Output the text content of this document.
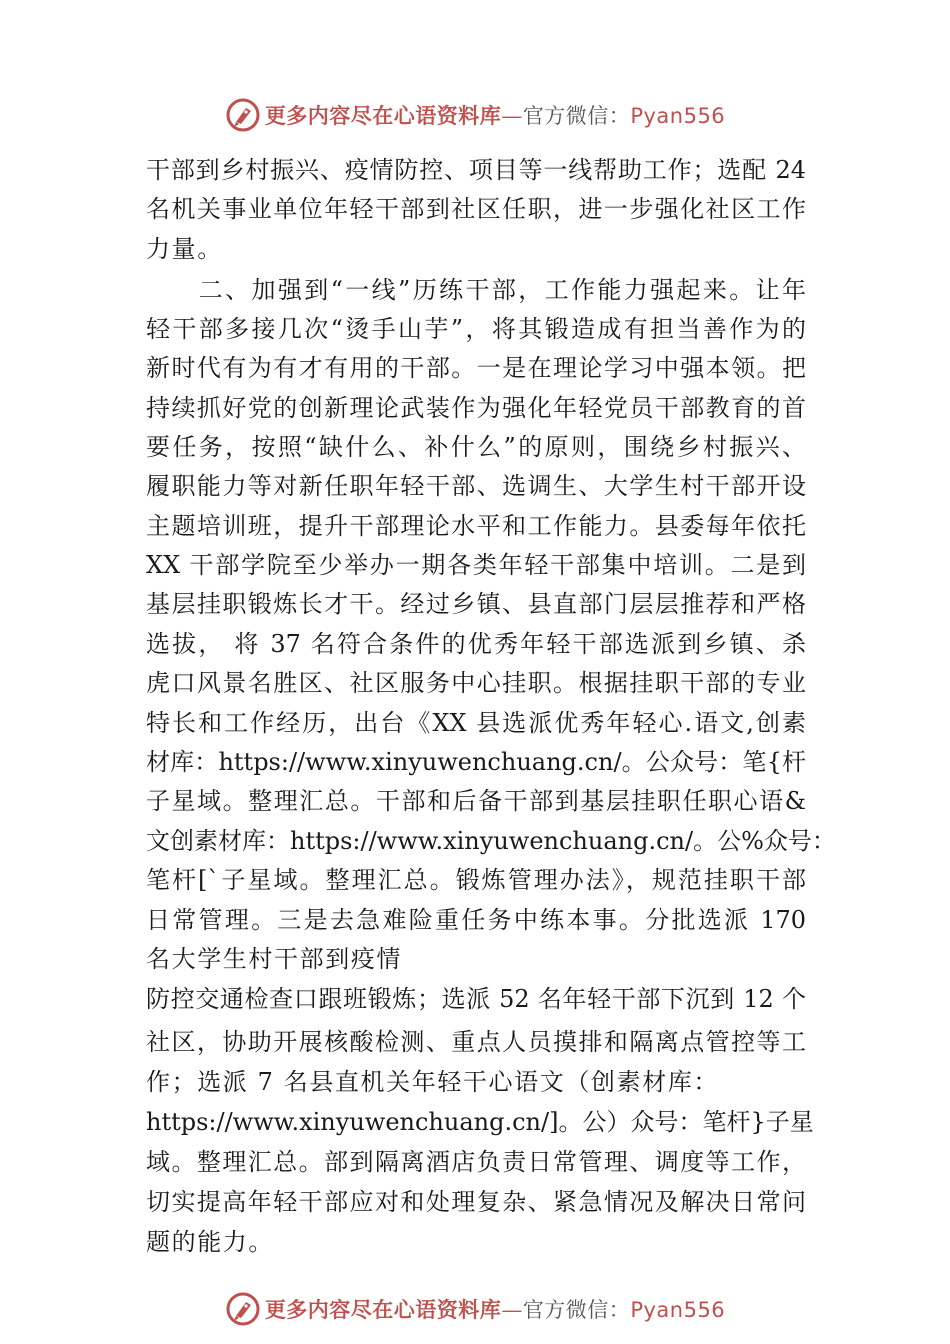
更多内容尽在心语资料库—官方微信：Pyan556
干部到乡村振兴、疫情防控、项目等一线帮助工作；选配 24
名机关事业单位年轻干部到社区任职，进一步强化社区工作
力量。
　　二、加强到“一线”历练干部，工作能力强起来。让年
轻干部多接几次“烫手山芋”，将其锻造成有担当善作为的
新时代有为有才有用的干部。一是在理论学习中强本领。把
持续抓好党的创新理论武装作为强化年轻党员干部教育的首
要任务，按照“缺什么、补什么”的原则，围绕乡村振兴、
履职能力等对新任职年轻干部、选调生、大学生村干部开设
主题培训班，提升干部理论水平和工作能力。县委每年依托
XX 干部学院至少举办一期各类年轻干部集中培训。二是到
基层挂职锻炼长才干。经过乡镇、县直部门层层推荐和严格
选拔， 将 37 名符合条件的优秀年轻干部选派到乡镇、杀
虎口风景名胜区、社区服务中心挂职。根据挂职干部的专业
特长和工作经历，出台《XX 县选派优秀年轻心.语文,创素
材库：https://www.xinyuwenchuang.cn/。公众号：笔{杆
子星域。整理汇总。干部和后备干部到基层挂职任职心语&
文创素材库：https://www.xinyuwenchuang.cn/。公%众号：
笔杆[`子星域。整理汇总。锻炼管理办法》，规范挂职干部
日常管理。三是去急难险重任务中练本事。分批选派 170
名大学生村干部到疫情
防控交通检查口跟班锻炼；选派 52 名年轻干部下沉到 12 个
社区，协助开展核酸检测、重点人员摸排和隔离点管控等工
作；选派 7 名县直机关年轻干心语文（创素材库：
https://www.xinyuwenchuang.cn/]。公）众号：笔杆}子星
域。整理汇总。部到隔离酒店负责日常管理、调度等工作，
切实提高年轻干部应对和处理复杂、紧急情况及解决日常问
题的能力。
更多内容尽在心语资料库—官方微信：Pyan556
